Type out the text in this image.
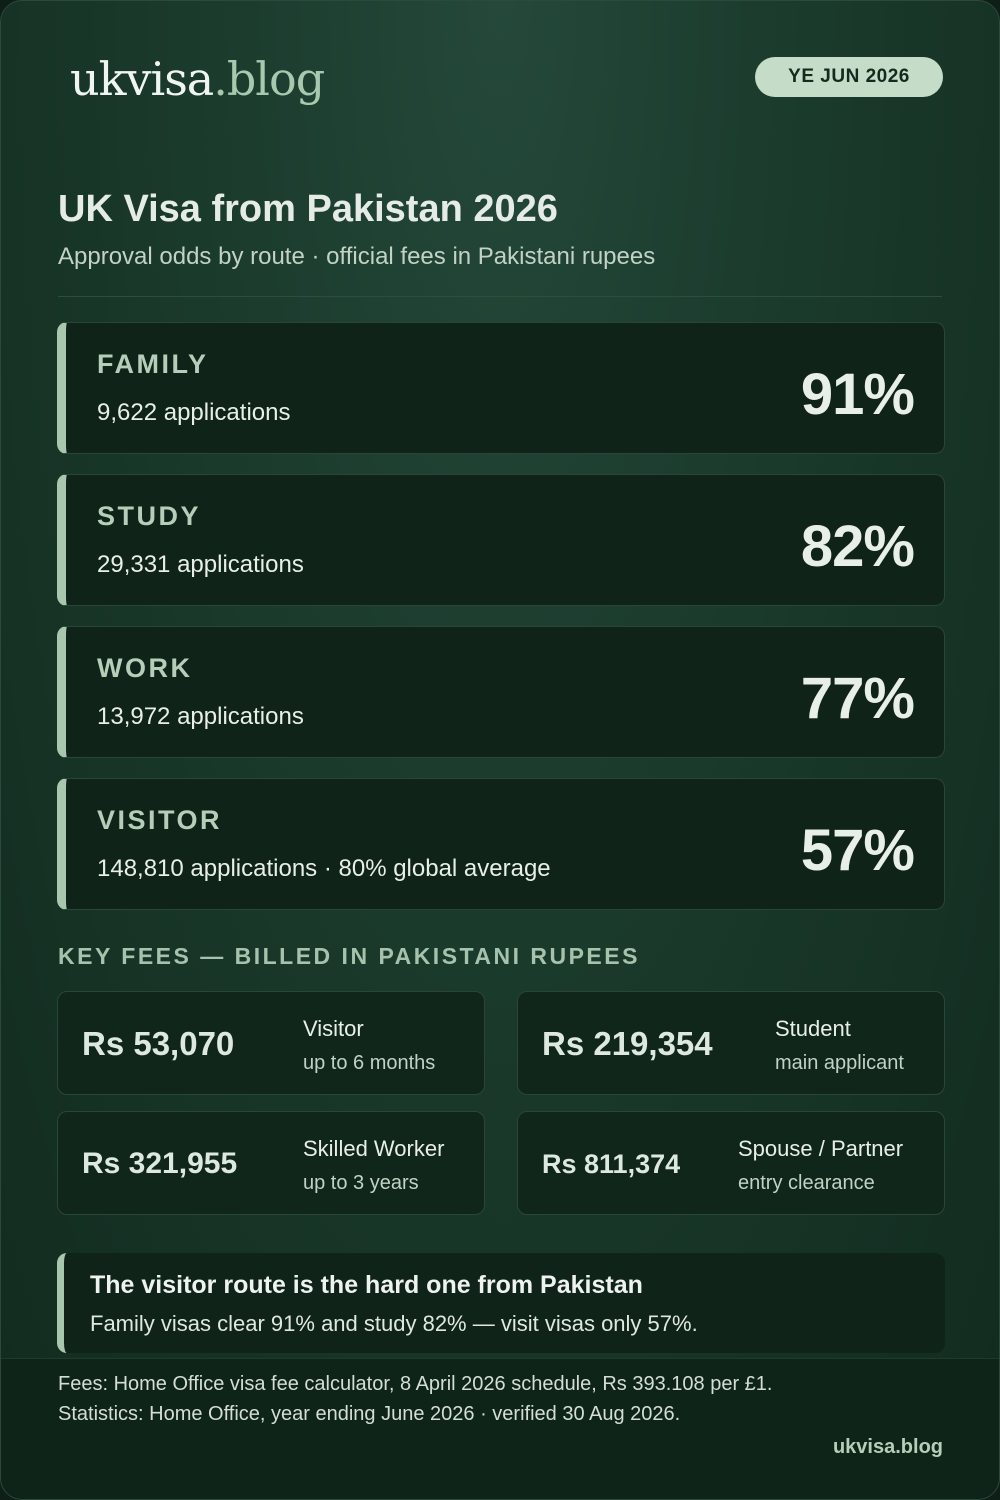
ukvisa.blog	YE JUN 2026
UK Visa from Pakistan 2026
Approval odds by route · official fees in Pakistani rupees
FAMILY
9,622 applications	91%
STUDY
29,331 applications	82%
WORK
13,972 applications	77%
VISITOR
148,810 applications · 80% global average	57%
KEY FEES — BILLED IN PAKISTANI RUPEES
Rs 53,070	Visitor
up to 6 months
Rs 219,354	Student
main applicant
Rs 321,955	Skilled Worker
up to 3 years
Rs 811,374
Spouse / Partner
entry clearance
The visitor route is the hard one from Pakistan
Family visas clear 91% and study 82% — visit visas only 57%.
Fees: Home Office visa fee calculator, 8 April 2026 schedule, Rs 393.108 per £1.
Statistics: Home Office, year ending June 2026 · verified 30 Aug 2026.
ukvisa.blog
